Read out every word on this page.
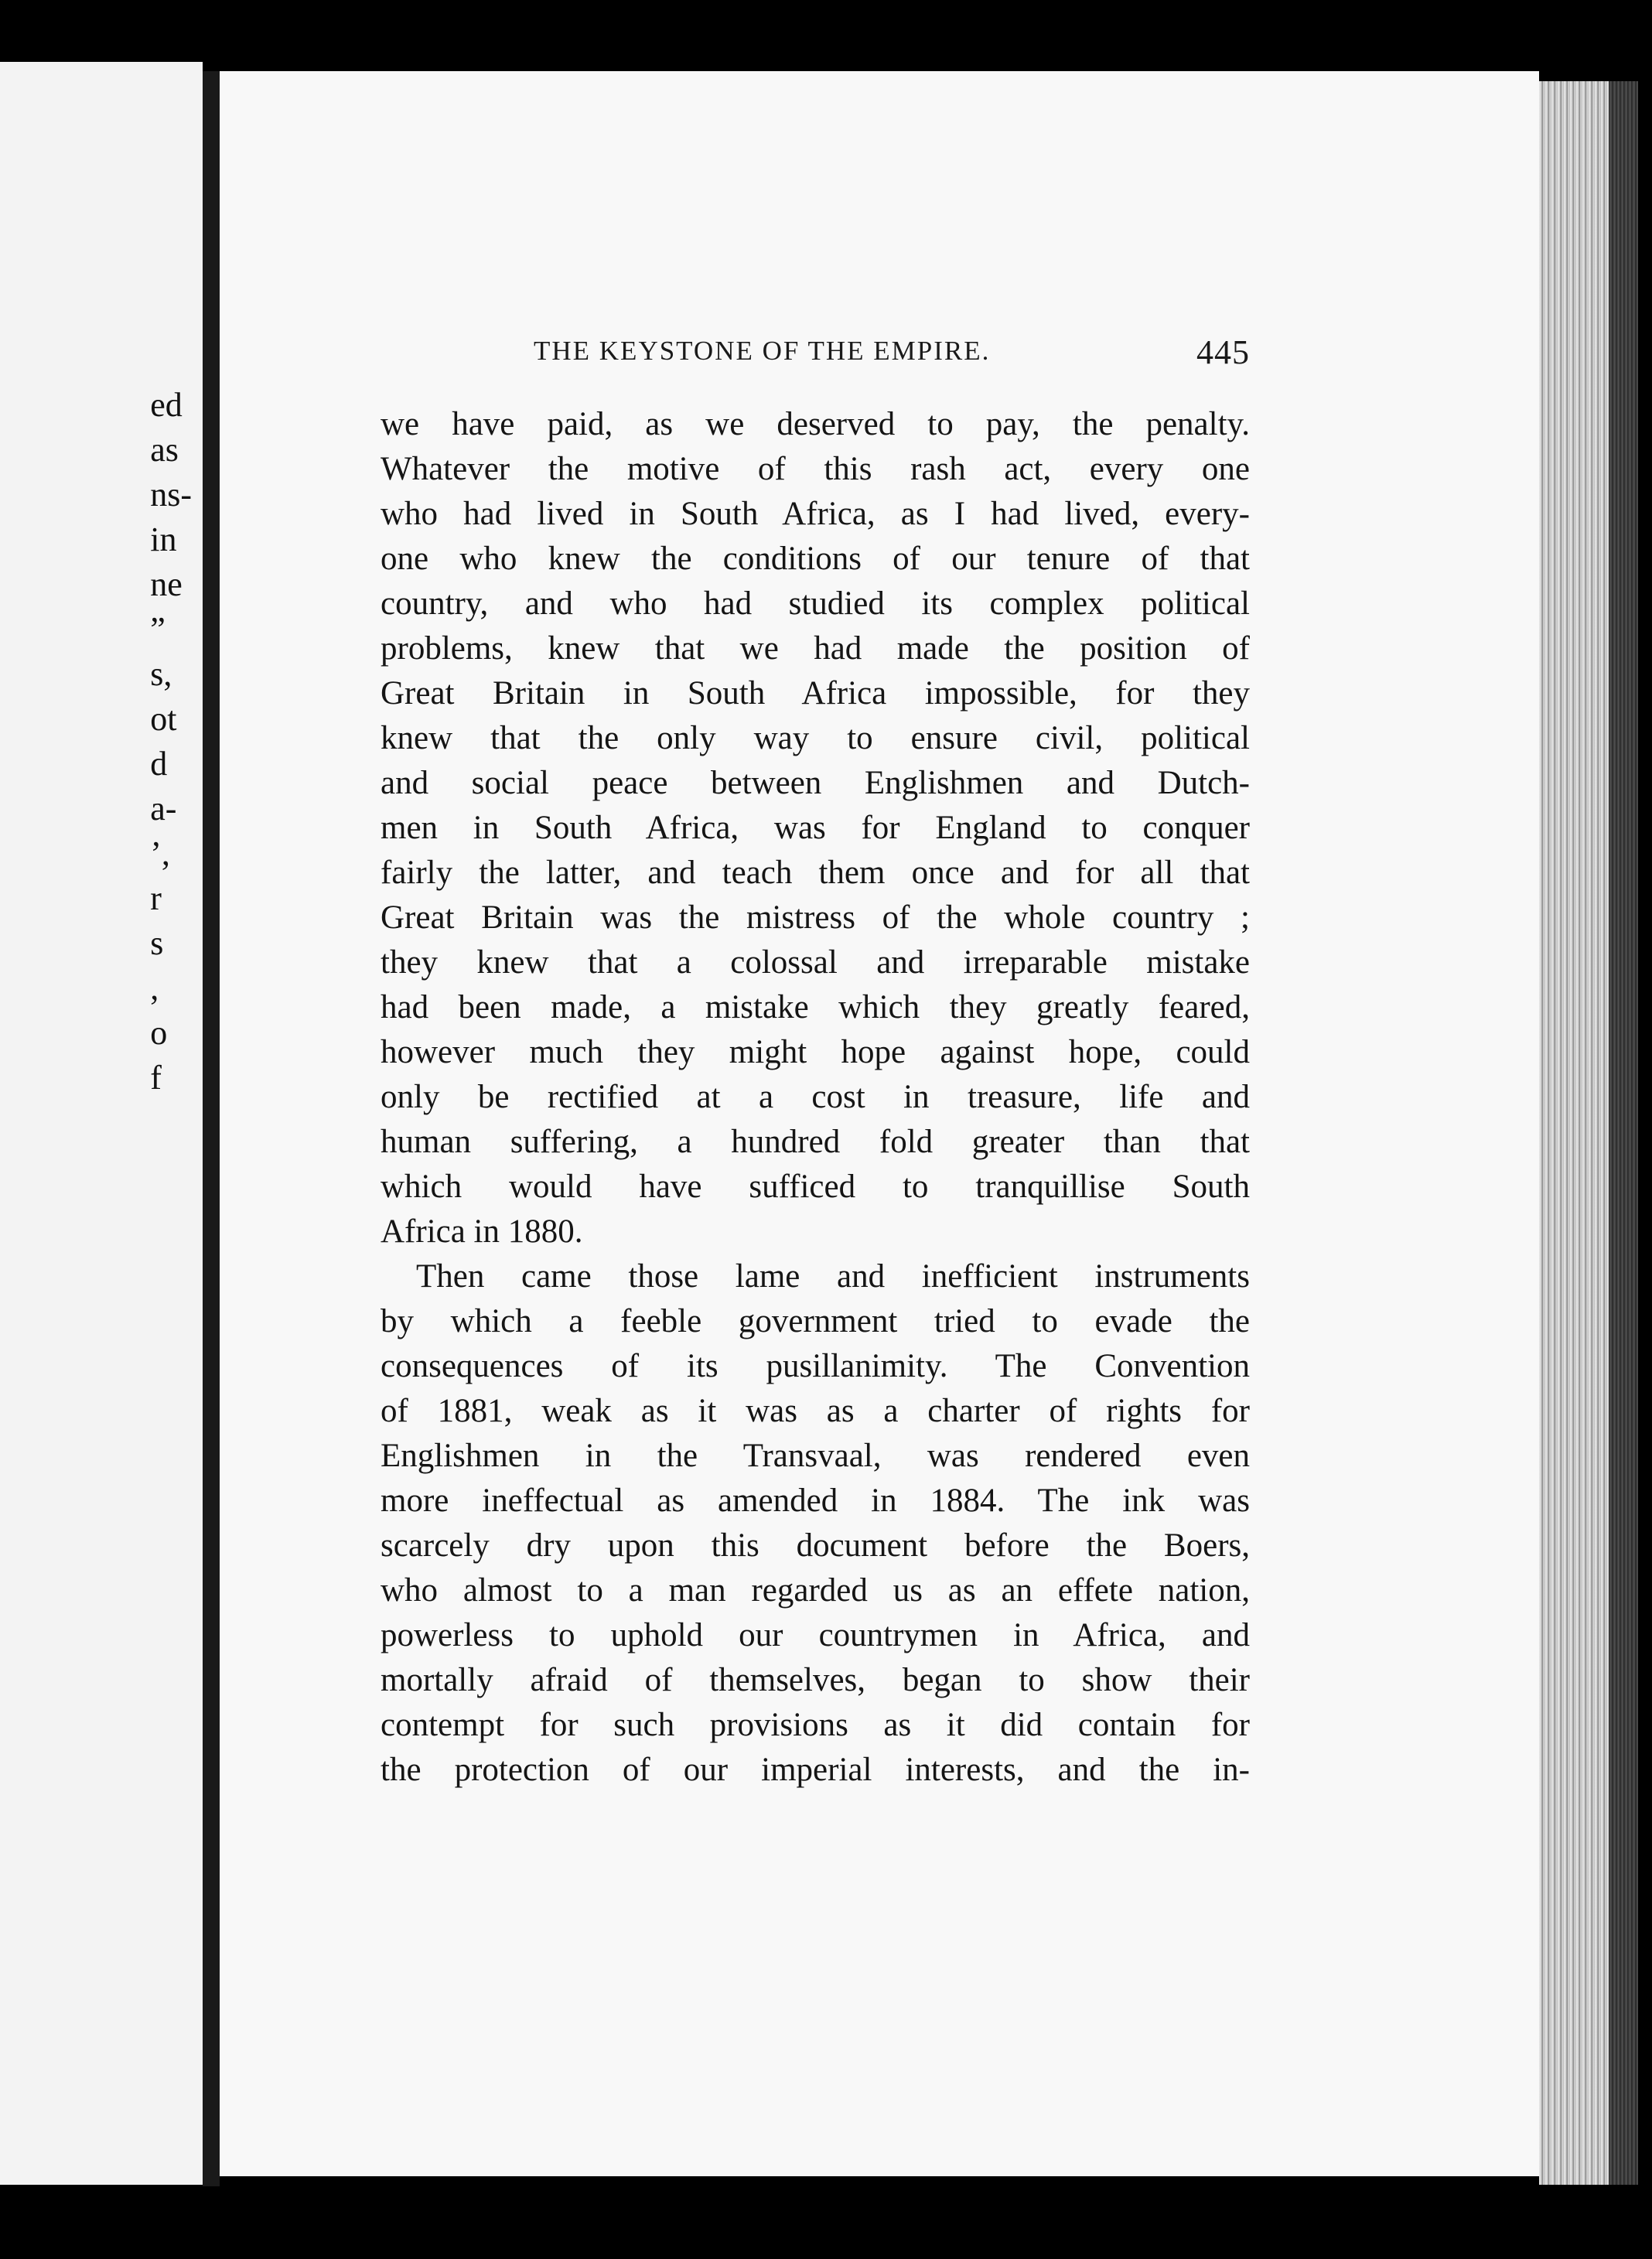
ed
as
ns-
in
ne
”
s,
ot
d
a-
’,
r
s
,
o
f
THE KEYSTONE OF THE EMPIRE.	445

we have paid, as we deserved to pay, the penalty.
Whatever the motive of this rash act, every one
who had lived in South Africa, as I had lived, every-
one who knew the conditions of our tenure of that
country, and who had studied its complex political
problems, knew that we had made the position of
Great Britain in South Africa impossible, for they
knew that the only way to ensure civil, political
and social peace between Englishmen and Dutch-
men in South Africa, was for England to conquer
fairly the latter, and teach them once and for all that
Great Britain was the mistress of the whole country ;
they knew that a colossal and irreparable mistake
had been made, a mistake which they greatly feared,
however much they might hope against hope, could
only be rectified at a cost in treasure, life and
human suffering, a hundred fold greater than that
which would have sufficed to tranquillise South
Africa in 1880.

Then came those lame and inefficient instruments
by which a feeble government tried to evade the
consequences of its pusillanimity. The Convention
of 1881, weak as it was as a charter of rights for
Englishmen in the Transvaal, was rendered even
more ineffectual as amended in 1884. The ink was
scarcely dry upon this document before the Boers,
who almost to a man regarded us as an effete nation,
powerless to uphold our countrymen in Africa, and
mortally afraid of themselves, began to show their
contempt for such provisions as it did contain for
the protection of our imperial interests, and the in-
